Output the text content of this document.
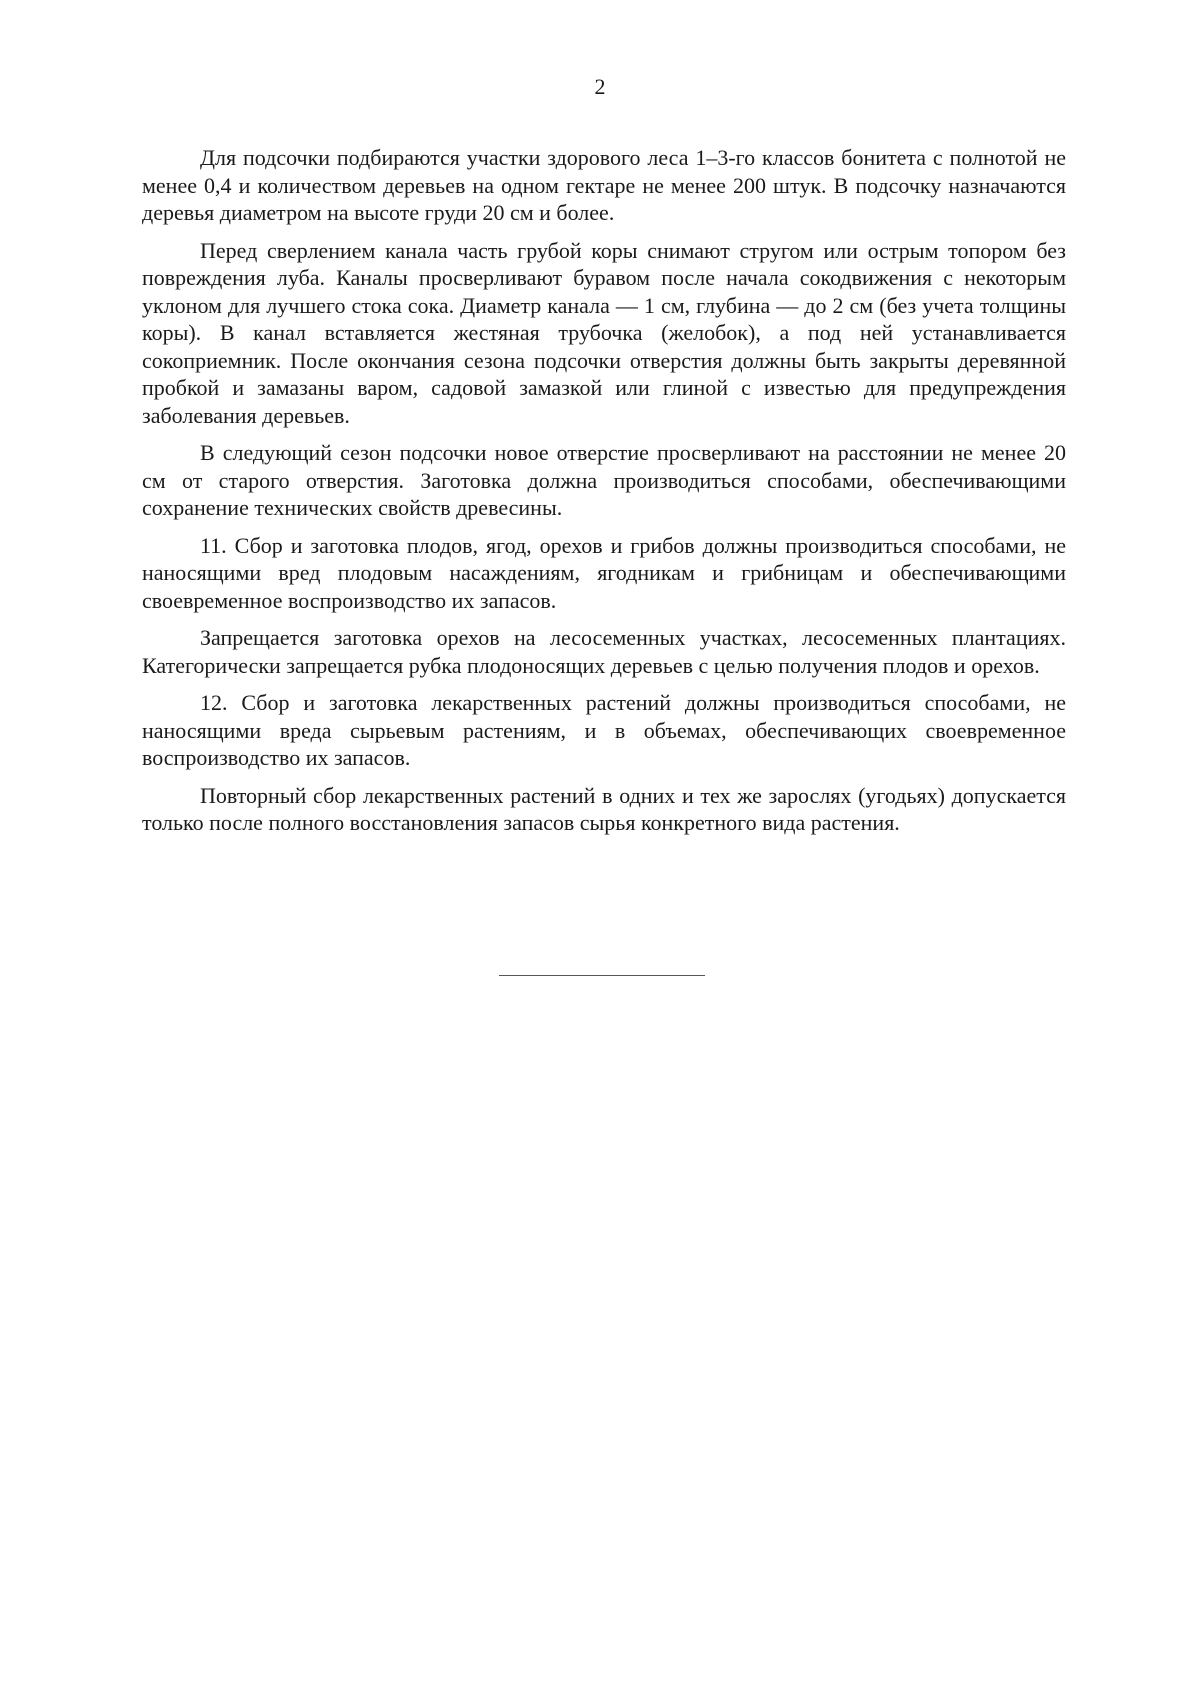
2

Для подсочки подбираются участки здорового леса 1–3-го классов бонитета с полнотой не менее 0,4 и количеством деревьев на одном гектаре не менее 200 штук. В подсочку назначаются деревья диаметром на высоте груди 20 см и более.

Перед сверлением канала часть грубой коры снимают стругом или острым топором без повреждения луба. Каналы просверливают буравом после начала сокодвижения с некоторым уклоном для лучшего стока сока. Диаметр канала — 1 см, глубина — до 2 см (без учета толщины коры). В канал вставляется жестяная трубочка (желобок), а под ней устанавливается сокоприемник. После окончания сезона подсочки отверстия должны быть закрыты деревянной пробкой и замазаны варом, садовой замазкой или глиной с известью для предупреждения заболевания деревьев.

В следующий сезон подсочки новое отверстие просверливают на расстоянии не менее 20 см от старого отверстия. Заготовка должна производиться способами, обеспечивающими сохранение технических свойств древесины.

11. Сбор и заготовка плодов, ягод, орехов и грибов должны производиться способами, не наносящими вред плодовым насаждениям, ягодникам и грибницам и обеспечивающими своевременное воспроизводство их запасов.

Запрещается заготовка орехов на лесосеменных участках, лесосеменных плантациях. Категорически запрещается рубка плодоносящих деревьев с целью получения плодов и орехов.

12. Сбор и заготовка лекарственных растений должны производиться способами, не наносящими вреда сырьевым растениям, и в объемах, обеспечивающих своевременное воспроизводство их запасов.

Повторный сбор лекарственных растений в одних и тех же зарослях (угодьях) допускается только после полного восстановления запасов сырья конкретного вида растения.
